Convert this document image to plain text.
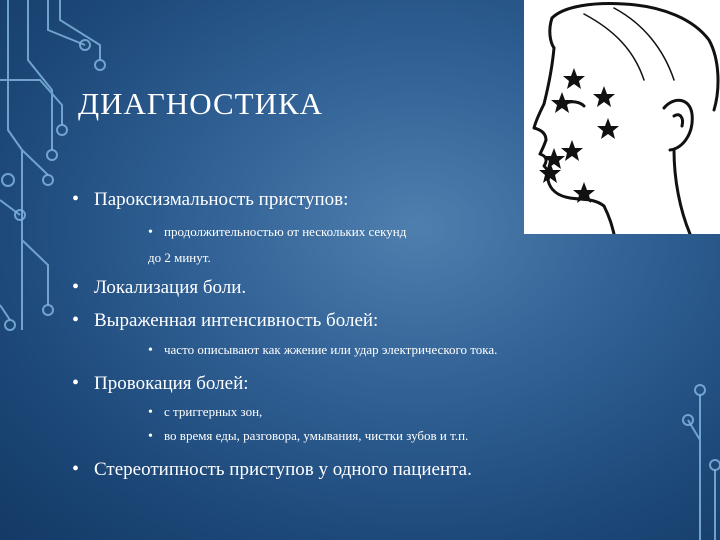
ДИАГНОСТИКА
• Пароксизмальность приступов:
• продолжительностью от нескольких секунд
до 2 минут.
• Локализация боли.
• Выраженная интенсивность болей:
• часто описывают как жжение или удар электрического тока.
• Провокация болей:
• с триггерных зон,
• во время еды, разговора, умывания, чистки зубов и т.п.
• Стереотипность приступов у одного пациента.
